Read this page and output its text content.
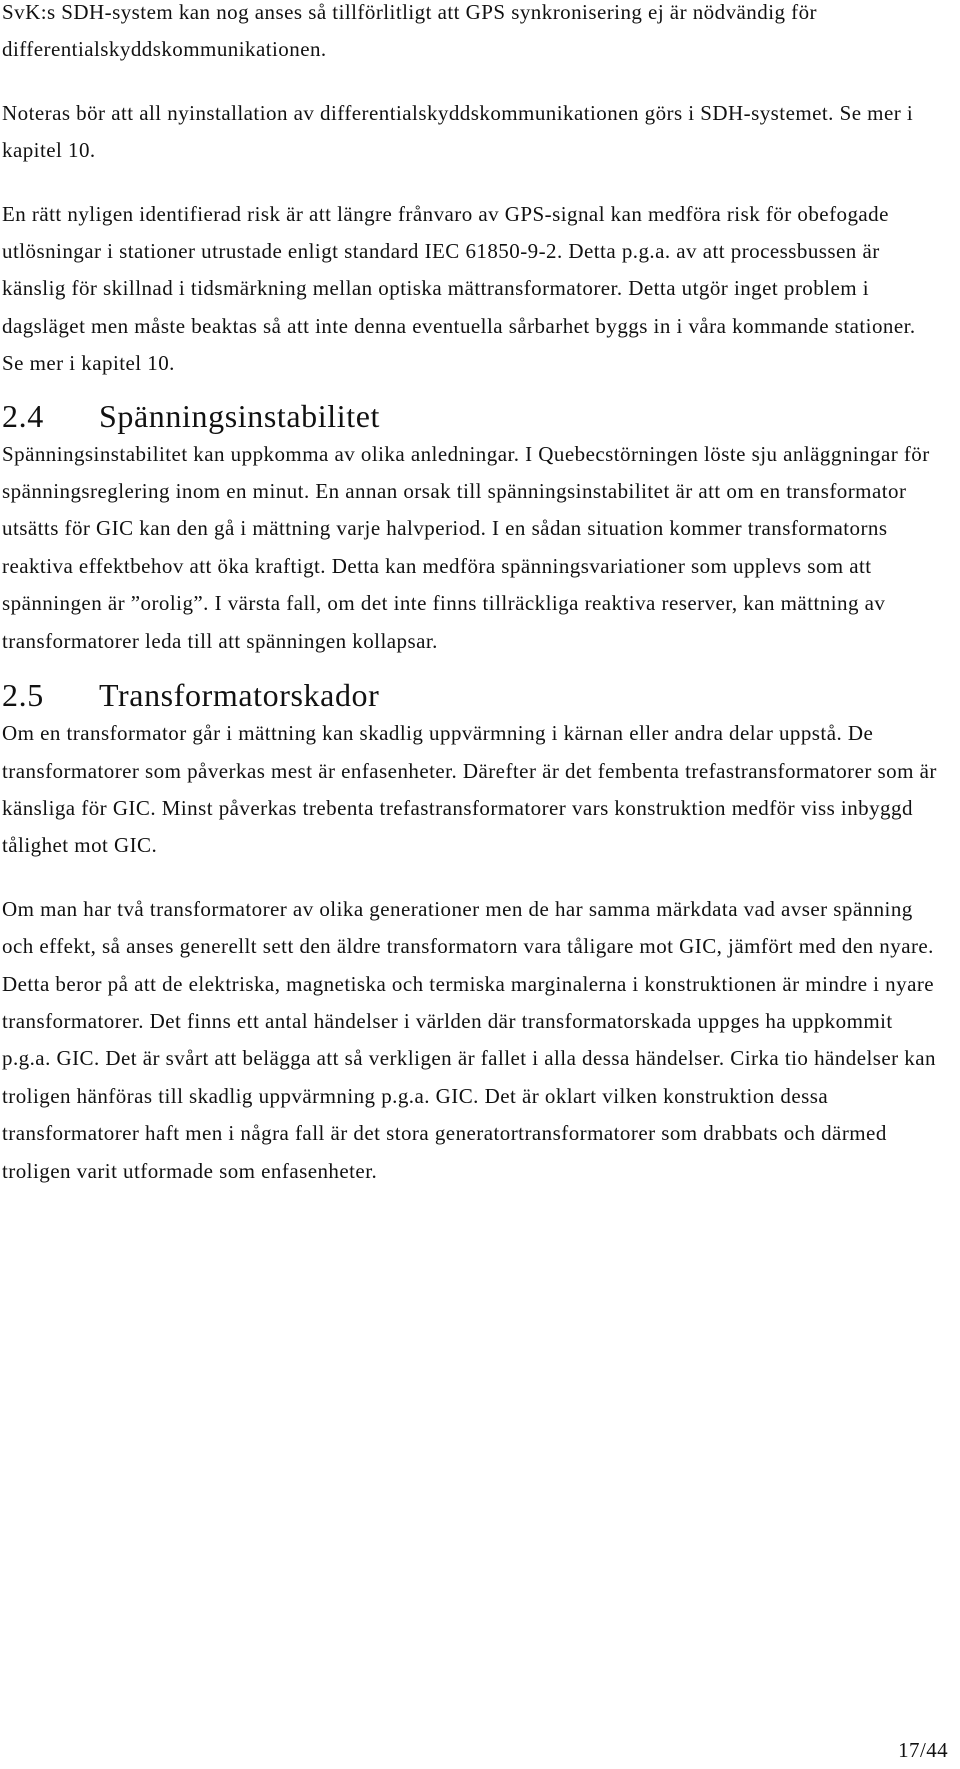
SvK:s SDH-system kan nog anses så tillförlitligt att GPS synkronisering ej är nödvändig för differentialskyddskommunikationen.

Noteras bör att all nyinstallation av differentialskyddskommunikationen görs i SDH-systemet. Se mer i kapitel 10.

En rätt nyligen identifierad risk är att längre frånvaro av GPS-signal kan medföra risk för obefogade utlösningar i stationer utrustade enligt standard IEC 61850-9-2. Detta p.g.a. av att processbussen är känslig för skillnad i tidsmärkning mellan optiska mättransformatorer. Detta utgör inget problem i dagsläget men måste beaktas så att inte denna eventuella sårbarhet byggs in i våra kommande stationer. Se mer i kapitel 10.

2.4 Spänningsinstabilitet

Spänningsinstabilitet kan uppkomma av olika anledningar. I Quebecstörningen löste sju anläggningar för spänningsreglering inom en minut. En annan orsak till spänningsinstabilitet är att om en transformator utsätts för GIC kan den gå i mättning varje halvperiod. I en sådan situation kommer transformatorns reaktiva effektbehov att öka kraftigt. Detta kan medföra spänningsvariationer som upplevs som att spänningen är ”orolig”. I värsta fall, om det inte finns tillräckliga reaktiva reserver, kan mättning av transformatorer leda till att spänningen kollapsar.

2.5 Transformatorskador

Om en transformator går i mättning kan skadlig uppvärmning i kärnan eller andra delar uppstå. De transformatorer som påverkas mest är enfasenheter. Därefter är det fembenta trefastransformatorer som är känsliga för GIC. Minst påverkas trebenta trefastransformatorer vars konstruktion medför viss inbyggd tålighet mot GIC.

Om man har två transformatorer av olika generationer men de har samma märkdata vad avser spänning och effekt, så anses generellt sett den äldre transformatorn vara tåligare mot GIC, jämfört med den nyare. Detta beror på att de elektriska, magnetiska och termiska marginalerna i konstruktionen är mindre i nyare transformatorer. Det finns ett antal händelser i världen där transformatorskada uppges ha uppkommit p.g.a. GIC. Det är svårt att belägga att så verkligen är fallet i alla dessa händelser. Cirka tio händelser kan troligen hänföras till skadlig uppvärmning p.g.a. GIC. Det är oklart vilken konstruktion dessa transformatorer haft men i några fall är det stora generatortransformatorer som drabbats och därmed troligen varit utformade som enfasenheter.

17/44
